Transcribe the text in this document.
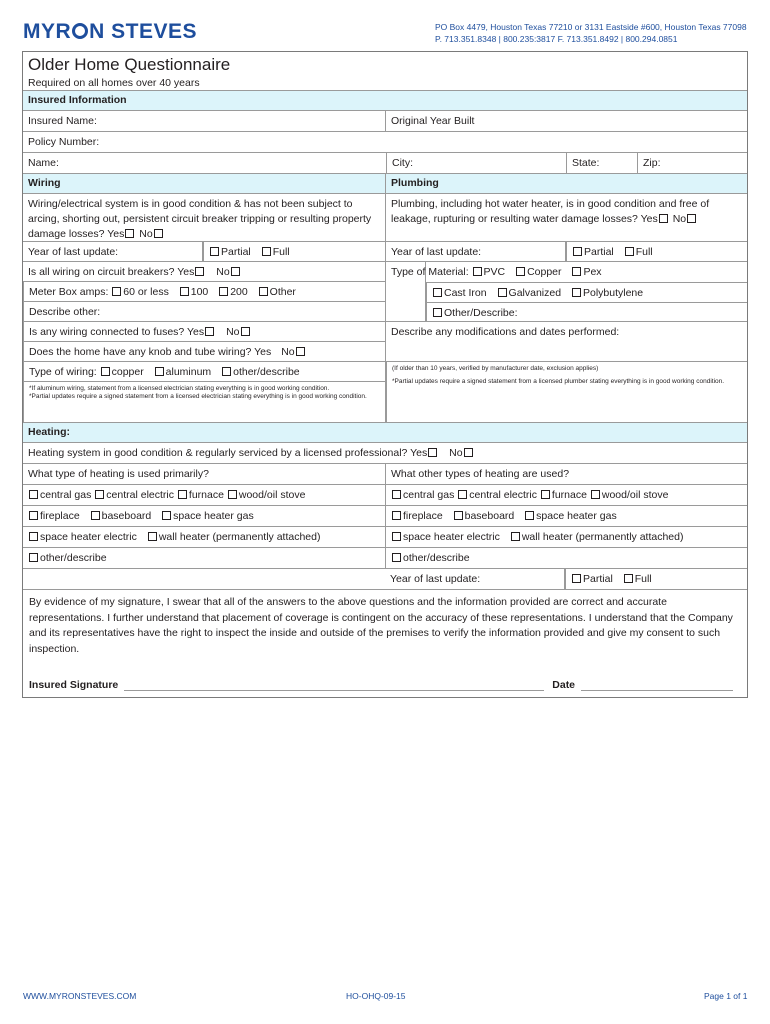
MYR N STEVES	PO Box 4479, Houston Texas 77210 or 3131 Eastside #600, Houston Texas 77098
P. 713.351.8348 | 800.235:3817 F. 713.351.8492 | 800.294.0851
Older Home Questionnaire
Required on all homes over 40 years
Insured Information
Insured Name:	Original Year Built
Policy Number:
Name:	City:	State:	Zip:
Wiring	Plumbing
Wiring/electrical system is in good condition & has not been subject to arcing, shorting out, persistent circuit breaker tripping or resulting property damage losses? Yes No
Year of last update:	Partial Full
Is all wiring on circuit breakers? Yes No
Meter Box amps: 60 or less 100 200 Other
Describe other:
Is any wiring connected to fuses? Yes No
Does the home have any knob and tube wiring? Yes No
Type of wiring: copper aluminum other/describe
*If aluminum wiring, statement from a licensed electrician stating everything is in good working condition.
*Partial updates require a signed statement from a licensed electrician stating everything is in good working condition.
Plumbing, including hot water heater, is in good condition and free of leakage, rupturing or resulting water damage losses? Yes No
Year of last update:	Partial Full
Type of Material: PVC Copper Pex
Cast Iron Galvanized Polybutylene
Other/Describe:
Describe any modifications and dates performed:
(If older than 10 years, verified by manufacturer date, exclusion applies)
*Partial updates require a signed statement from a licensed plumber stating everything is in good working condition.
Heating:
Heating system in good condition & regularly serviced by a licensed professional? Yes No
What type of heating is used primarily?	What other types of heating are used?
central gas central electric furnace wood/oil stove	central gas central electric furnace wood/oil stove
fireplace baseboard space heater gas	fireplace baseboard space heater gas
space heater electric wall heater (permanently attached)	space heater electric wall heater (permanently attached)
other/describe	other/describe
Year of last update:	Partial Full
By evidence of my signature, I swear that all of the answers to the above questions and the information provided are correct and accurate representations. I further understand that placement of coverage is contingent on the accuracy of these representations. I understand that the Company and its representatives have the right to inspect the inside and outside of the premises to verify the information provided and give my consent to such inspection.
Insured Signature	Date
WWW.MYRONSTEVES.COM	HO-OHQ-09-15	Page 1 of 1
